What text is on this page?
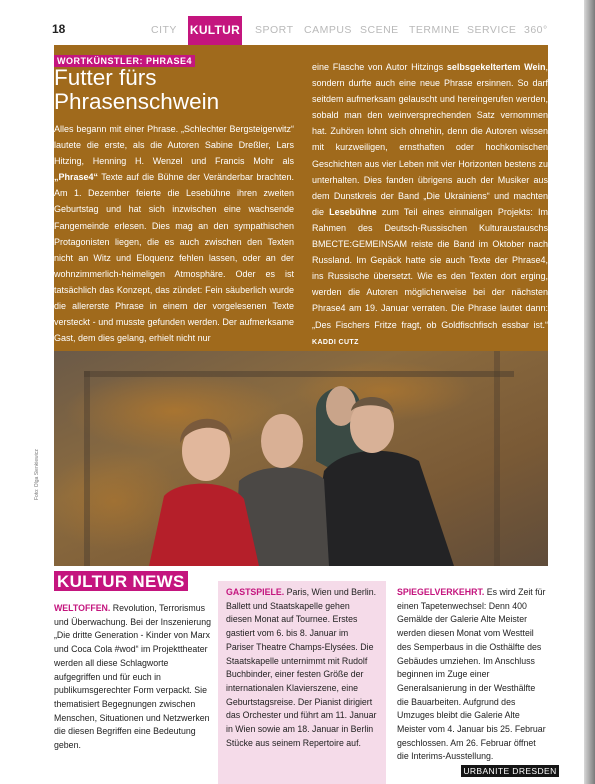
18	CITY KULTUR SPORT CAMPUS SCENE TERMINE SERVICE 360°
WORTKÜNSTLER: PHRASE4
Futter fürs
Phrasenschwein
Alles begann mit einer Phrase. „Schlechter Bergsteigerwitz“ lautete die erste, als die Autoren Sabine Dreßler, Lars Hitzing, Henning H. Wenzel und Francis Mohr als „Phrase4“ Texte auf die Bühne der Veränderbar brachten. Am 1. Dezember feierte die Lesebühne ihren zweiten Geburtstag und hat sich inzwischen eine wachsende Fangemeinde erlesen. Dies mag an den sympathischen Protagonisten liegen, die es auch zwischen den Texten nicht an Witz und Eloquenz fehlen lassen, oder an der wohnzimmerlich-heimeligen Atmosphäre. Oder es ist tatsächlich das Konzept, das zündet: Fein säuberlich wurde die allererste Phrase in einem der vorgelesenen Texte versteckt - und musste gefunden werden. Der aufmerksame Gast, dem dies gelang, erhielt nicht nur
eine Flasche von Autor Hitzings selbsgekeltertem Wein, sondern durfte auch eine neue Phrase ersinnen. So darf seitdem aufmerksam gelauscht und hereingerufen werden, sobald man den weinversprechenden Satz vernommen hat. Zuhören lohnt sich ohnehin, denn die Autoren wissen mit kurzweiligen, ernsthaften oder hochkomischen Geschichten aus vier Leben mit vier Horizonten bestens zu unterhalten. Dies fanden übrigens auch der Musiker aus dem Dunstkreis der Band „Die Ukrainiens“ und machten die Lesebühne zum Teil eines einmaligen Projekts: Im Rahmen des Deutsch-Russischen Kulturaustauschs BMECTE:GEMEINSAM reiste die Band im Oktober nach Russland. Im Gepäck hatte sie auch Texte der Phrase4, ins Russische übersetzt. Wie es den Texten dort erging, werden die Autoren möglicherweise bei der nächsten Phrase4 am 19. Januar verraten. Die Phrase lautet dann: „Des Fischers Fritze fragt, ob Goldfischfisch essbar ist.“ KADDI CUTZ
Foto: Olga Sienkiewicz
KULTUR NEWS
WELTOFFEN. Revolution, Terrorismus und Überwachung. Bei der Inszenierung „Die dritte Generation - Kinder von Marx und Coca Cola #wod“ im Projekttheater werden all diese Schlagworte aufgegriffen und für euch in publikumsgerechter Form verpackt. Sie thematisiert Begegnungen zwischen Menschen, Situationen und Netzwerken die diesen Begriffen eine Bedeutung geben.
GASTSPIELE. Paris, Wien und Berlin. Ballett und Staatskapelle gehen diesen Monat auf Tournee. Erstes gastiert vom 6. bis 8. Januar im Pariser Theatre Champs-Elysées. Die Staatskapelle unternimmt mit Rudolf Buchbinder, einer festen Größe der internationalen Klavierszene, eine Geburtstagsreise. Der Pianist dirigiert das Orchester und führt am 11. Januar in Wien sowie am 18. Januar in Berlin Stücke aus seinem Repertoire auf.
SPIEGELVERKEHRT. Es wird Zeit für einen Tapetenwechsel: Denn 400 Gemälde der Galerie Alte Meister werden diesen Monat vom Westteil des Semperbaus in die Osthälfte des Gebäudes umziehen. Im Anschluss beginnen im Zuge einer Generalsanierung in der Westhälfte die Bauarbeiten. Aufgrund des Umzuges bleibt die Galerie Alte Meister vom 4. Januar bis 25. Februar geschlossen. Am 26. Februar öffnet die Interims-Ausstellung.
URBANITE DRESDEN
